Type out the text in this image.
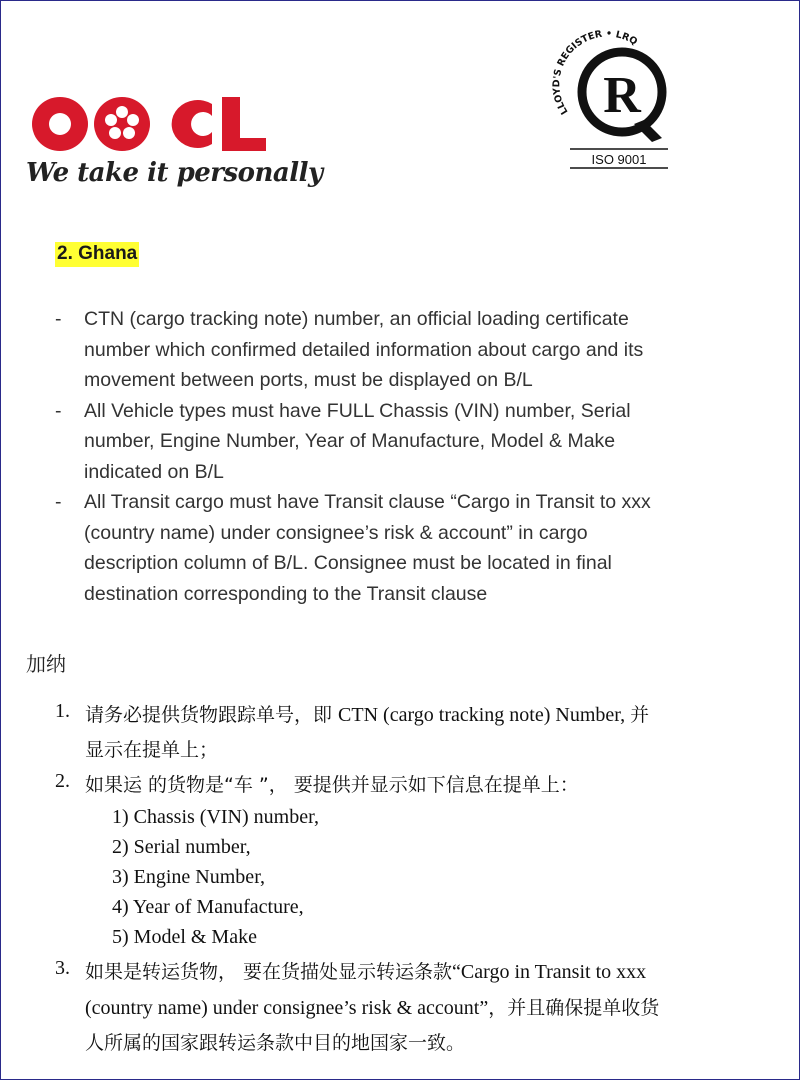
We take it personally
LLOYD'S REGISTER • LRQ
R
ISO 9001
2. Ghana
- CTN (cargo tracking note) number, an official loading certificate
number which confirmed detailed information about cargo and its
movement between ports, must be displayed on B/L
- All Vehicle types must have FULL Chassis (VIN) number, Serial
number, Engine Number, Year of Manufacture, Model & Make
indicated on B/L
- All Transit cargo must have Transit clause “Cargo in Transit to xxx
(country name) under consignee’s risk & account” in cargo
description column of B/L. Consignee must be located in final
destination corresponding to the Transit clause
加纳
1. 请务必提供货物跟踪单号，即 CTN (cargo tracking note) Number, 并
显示在提单上；
2. 如果运 的货物是“车 ”， 要提供并显示如下信息在提单上：
1) Chassis (VIN) number,
2) Serial number,
3) Engine Number,
4) Year of Manufacture,
5) Model & Make
3. 如果是转运货物， 要在货描处显示转运条款“Cargo in Transit to xxx
(country name) under consignee’s risk & account”，并且确保提单收货
人所属的国家跟转运条款中目的地国家一致。
